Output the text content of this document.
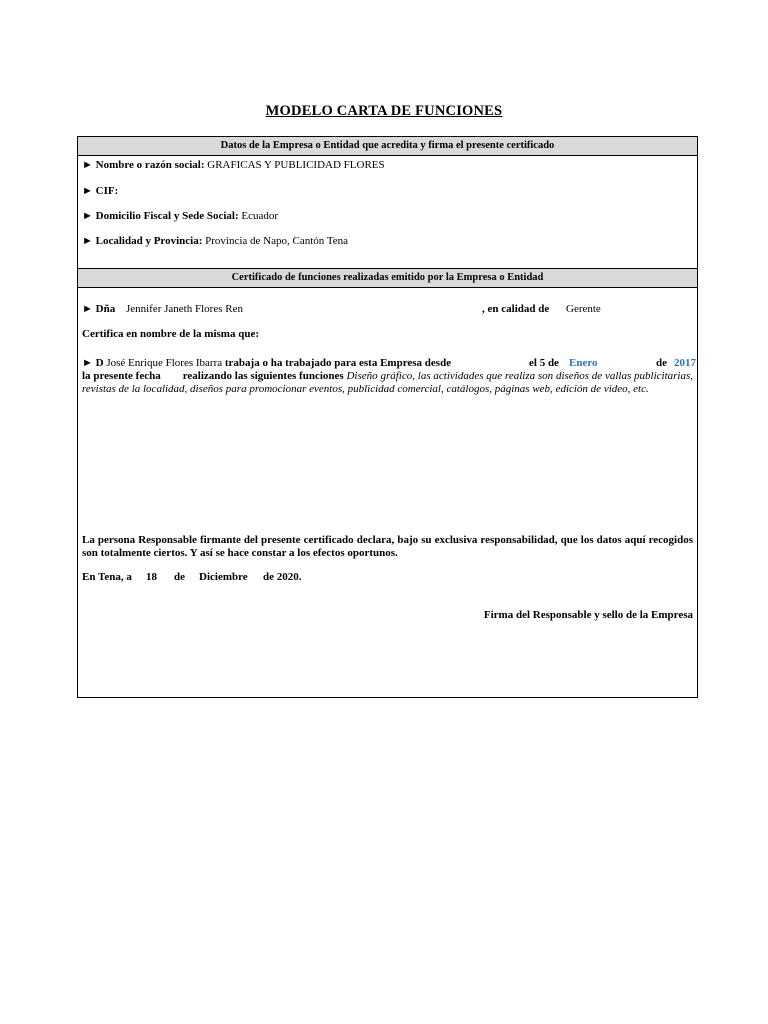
MODELO CARTA DE FUNCIONES
Datos de la Empresa o Entidad que acredita y firma el presente certificado
► Nombre o razón social: GRAFICAS Y PUBLICIDAD FLORES
► CIF:
► Domicilio Fiscal y Sede Social: Ecuador
► Localidad y Provincia: Provincia de Napo, Cantón Tena
Certificado de funciones realizadas emitido por la Empresa o Entidad
► Dña Jennifer Janeth Flores Ren	, en calidad de Gerente
Certifica en nombre de la misma que:
► D José Enrique Flores Ibarra trabaja o ha trabajado para esta Empresa desde	el 5 de Enero	de 2017
la presente fecha realizando las siguientes funciones Diseño gráfico, las actividades que realiza son diseños de vallas publicitarias, revistas de la localidad, diseños para promocionar eventos, publicidad comercial, catálogos, páginas web, edición de video, etc.
La persona Responsable firmante del presente certificado declara, bajo su exclusiva responsabilidad, que los datos aquí recogidos son totalmente ciertos. Y así se hace constar a los efectos oportunos.
En Tena, a 18 de Diciembre de 2020.
Firma del Responsable y sello de la Empresa
